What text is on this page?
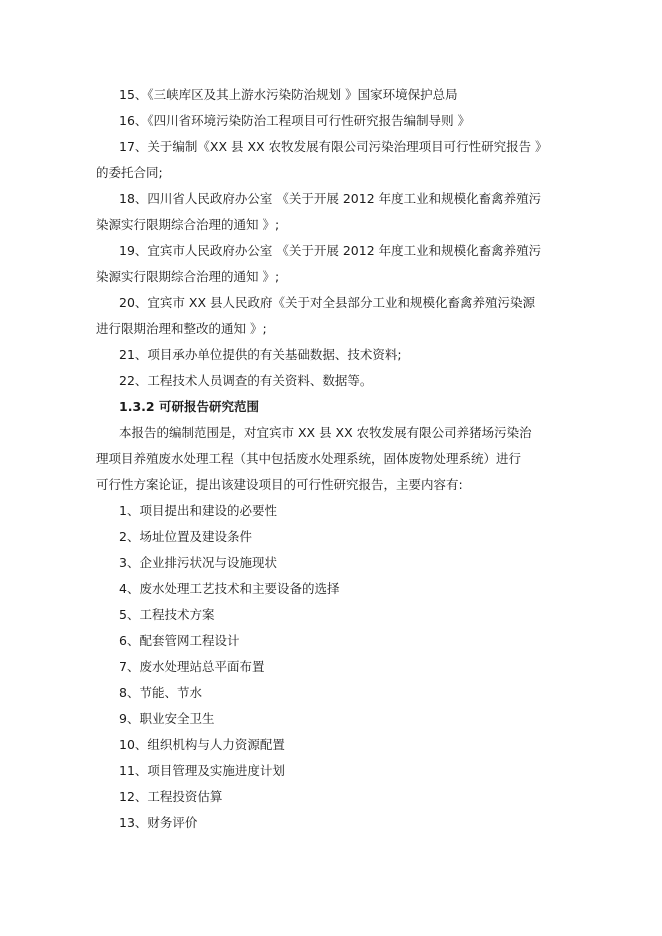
15、《三峡库区及其上游水污染防治规划 》国家环境保护总局
16、《四川省环境污染防治工程项目可行性研究报告编制导则 》
17、关于编制《XX 县 XX 农牧发展有限公司污染治理项目可行性研究报告 》
的委托合同;
18、四川省人民政府办公室 《关于开展 2012 年度工业和规模化畜禽养殖污
染源实行限期综合治理的通知 》;
19、宜宾市人民政府办公室 《关于开展 2012 年度工业和规模化畜禽养殖污
染源实行限期综合治理的通知 》;
20、宜宾市 XX 县人民政府《关于对全县部分工业和规模化畜禽养殖污染源
进行限期治理和整改的通知 》;
21、项目承办单位提供的有关基础数据、技术资料;
22、工程技术人员调查的有关资料、数据等。
1.3.2 可研报告研究范围
本报告的编制范围是，对宜宾市 XX 县 XX 农牧发展有限公司养猪场污染治
理项目养殖废水处理工程（其中包括废水处理系统，固体废物处理系统）进行
可行性方案论证，提出该建设项目的可行性研究报告，主要内容有:
1、项目提出和建设的必要性
2、场址位置及建设条件
3、企业排污状况与设施现状
4、废水处理工艺技术和主要设备的选择
5、工程技术方案
6、配套管网工程设计
7、废水处理站总平面布置
8、节能、节水
9、职业安全卫生
10、组织机构与人力资源配置
11、项目管理及实施进度计划
12、工程投资估算
13、财务评价
